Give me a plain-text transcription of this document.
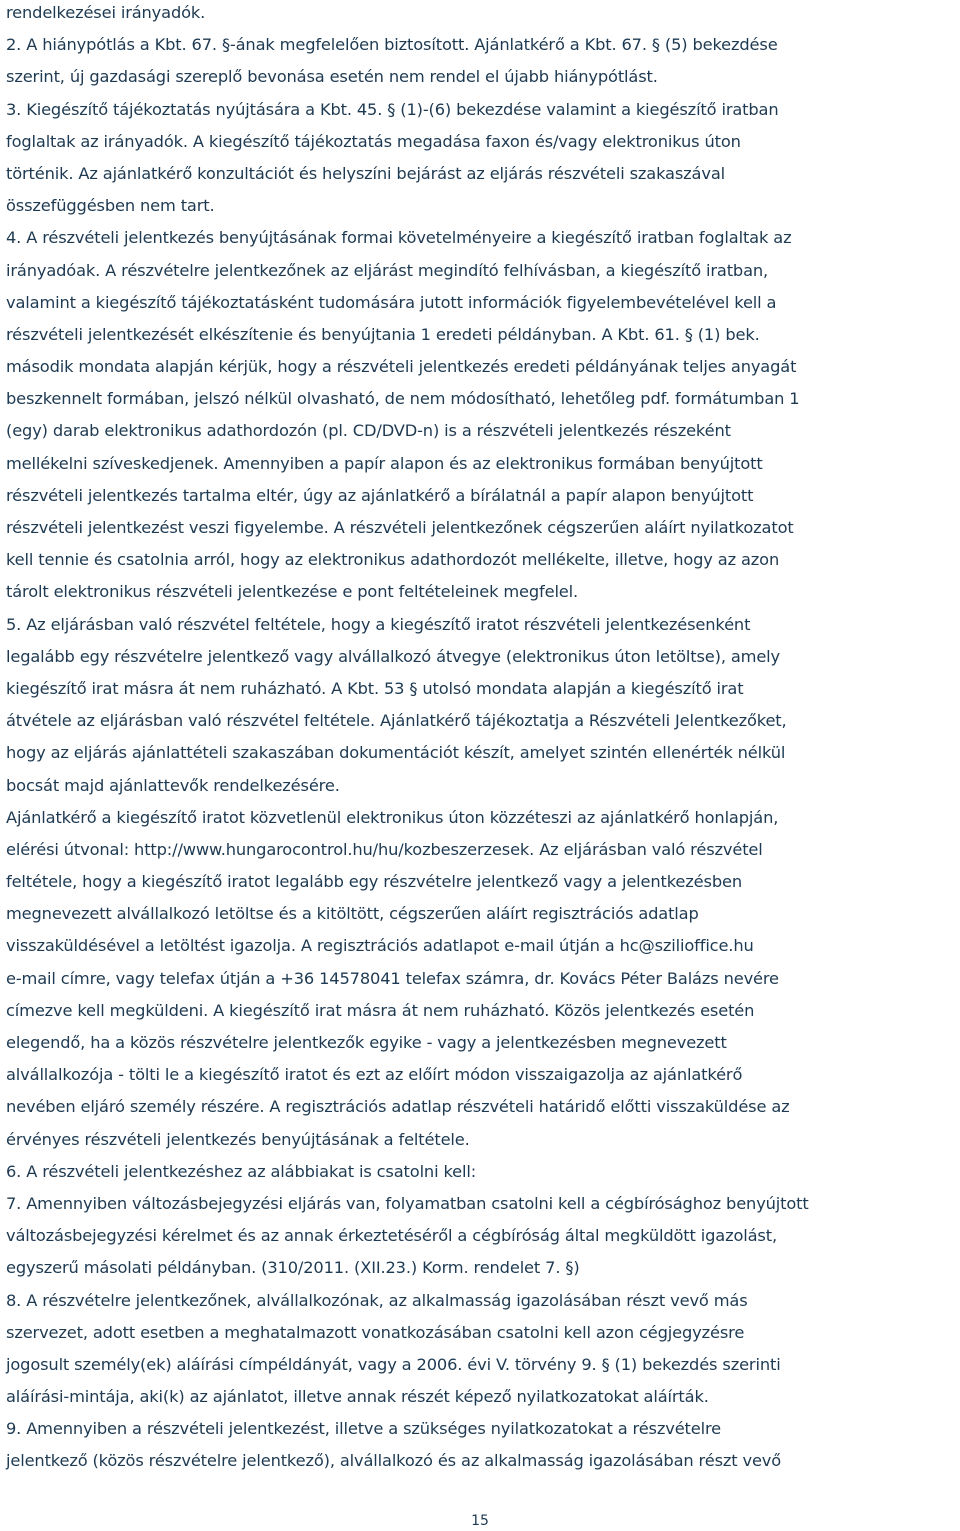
rendelkezései irányadók.
2. A hiánypótlás a Kbt. 67. §-ának megfelelően biztosított. Ajánlatkérő a Kbt. 67. § (5) bekezdése
szerint, új gazdasági szereplő bevonása esetén nem rendel el újabb hiánypótlást.
3. Kiegészítő tájékoztatás nyújtására a Kbt. 45. § (1)-(6) bekezdése valamint a kiegészítő iratban
foglaltak az irányadók. A kiegészítő tájékoztatás megadása faxon és/vagy elektronikus úton
történik. Az ajánlatkérő konzultációt és helyszíni bejárást az eljárás részvételi szakaszával
összefüggésben nem tart.
4. A részvételi jelentkezés benyújtásának formai követelményeire a kiegészítő iratban foglaltak az
irányadóak. A részvételre jelentkezőnek az eljárást megindító felhívásban, a kiegészítő iratban,
valamint a kiegészítő tájékoztatásként tudomására jutott információk figyelembevételével kell a
részvételi jelentkezését elkészítenie és benyújtania 1 eredeti példányban. A Kbt. 61. § (1) bek.
második mondata alapján kérjük, hogy a részvételi jelentkezés eredeti példányának teljes anyagát
beszkennelt formában, jelszó nélkül olvasható, de nem módosítható, lehetőleg pdf. formátumban 1
(egy) darab elektronikus adathordozón (pl. CD/DVD-n) is a részvételi jelentkezés részeként
mellékelni szíveskedjenek. Amennyiben a papír alapon és az elektronikus formában benyújtott
részvételi jelentkezés tartalma eltér, úgy az ajánlatkérő a bírálatnál a papír alapon benyújtott
részvételi jelentkezést veszi figyelembe. A részvételi jelentkezőnek cégszerűen aláírt nyilatkozatot
kell tennie és csatolnia arról, hogy az elektronikus adathordozót mellékelte, illetve, hogy az azon
tárolt elektronikus részvételi jelentkezése e pont feltételeinek megfelel.
5. Az eljárásban való részvétel feltétele, hogy a kiegészítő iratot részvételi jelentkezésenként
legalább egy részvételre jelentkező vagy alvállalkozó átvegye (elektronikus úton letöltse), amely
kiegészítő irat másra át nem ruházható. A Kbt. 53 § utolsó mondata alapján a kiegészítő irat
átvétele az eljárásban való részvétel feltétele. Ajánlatkérő tájékoztatja a Részvételi Jelentkezőket,
hogy az eljárás ajánlattételi szakaszában dokumentációt készít, amelyet szintén ellenérték nélkül
bocsát majd ajánlattevők rendelkezésére.
Ajánlatkérő a kiegészítő iratot közvetlenül elektronikus úton közzéteszi az ajánlatkérő honlapján,
elérési útvonal: http://www.hungarocontrol.hu/hu/kozbeszerzesek. Az eljárásban való részvétel
feltétele, hogy a kiegészítő iratot legalább egy részvételre jelentkező vagy a jelentkezésben
megnevezett alvállalkozó letöltse és a kitöltött, cégszerűen aláírt regisztrációs adatlap
visszaküldésével a letöltést igazolja. A regisztrációs adatlapot e-mail útján a hc@szilioffice.hu
e-mail címre, vagy telefax útján a +36 14578041 telefax számra, dr. Kovács Péter Balázs nevére
címezve kell megküldeni. A kiegészítő irat másra át nem ruházható. Közös jelentkezés esetén
elegendő, ha a közös részvételre jelentkezők egyike - vagy a jelentkezésben megnevezett
alvállalkozója - tölti le a kiegészítő iratot és ezt az előírt módon visszaigazolja az ajánlatkérő
nevében eljáró személy részére. A regisztrációs adatlap részvételi határidő előtti visszaküldése az
érvényes részvételi jelentkezés benyújtásának a feltétele.
6. A részvételi jelentkezéshez az alábbiakat is csatolni kell:
7. Amennyiben változásbejegyzési eljárás van, folyamatban csatolni kell a cégbírósághoz benyújtott
változásbejegyzési kérelmet és az annak érkeztetéséről a cégbíróság által megküldött igazolást,
egyszerű másolati példányban. (310/2011. (XII.23.) Korm. rendelet 7. §)
8. A részvételre jelentkezőnek, alvállalkozónak, az alkalmasság igazolásában részt vevő más
szervezet, adott esetben a meghatalmazott vonatkozásában csatolni kell azon cégjegyzésre
jogosult személy(ek) aláírási címpéldányát, vagy a 2006. évi V. törvény 9. § (1) bekezdés szerinti
aláírási-mintája, aki(k) az ajánlatot, illetve annak részét képező nyilatkozatokat aláírták.
9. Amennyiben a részvételi jelentkezést, illetve a szükséges nyilatkozatokat a részvételre
jelentkező (közös részvételre jelentkező), alvállalkozó és az alkalmasság igazolásában részt vevő
15
